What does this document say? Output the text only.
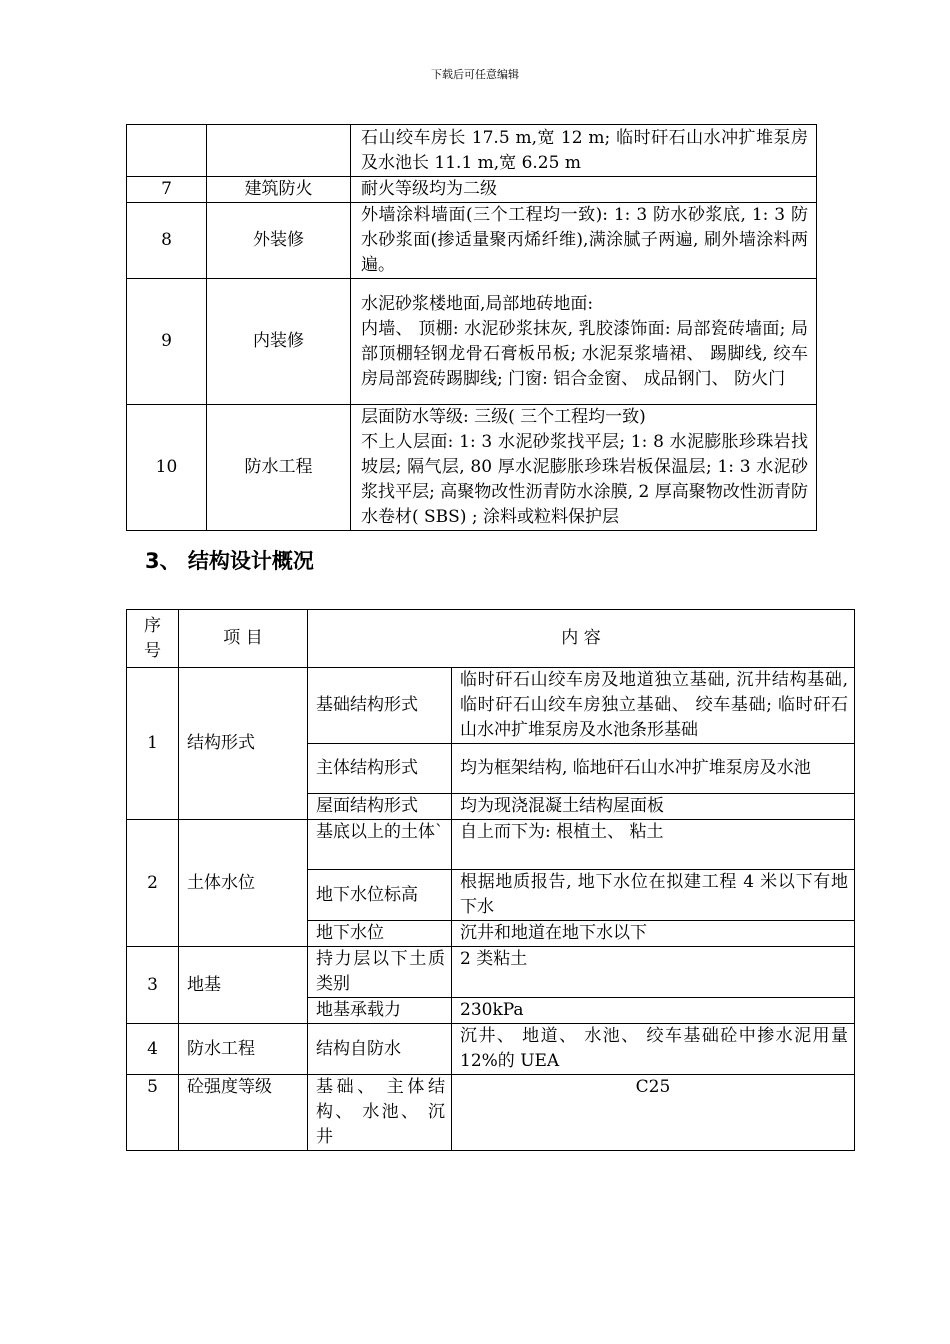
下载后可任意编辑
		石山绞车房长 17.5 m,宽 12 m; 临时矸石山水冲扩堆泵房及水池长 11.1 m,宽 6.25 m
7	建筑防火	耐火等级均为二级
8	外装修	外墙涂料墙面(三个工程均一致): 1: 3 防水砂浆底, 1: 3 防水砂浆面(掺适量聚丙烯纤维),满涂腻子两遍, 刷外墙涂料两遍。
9	内装修	水泥砂浆楼地面,局部地砖地面:
内墙、 顶棚: 水泥砂浆抹灰, 乳胶漆饰面: 局部瓷砖墙面; 局部顶棚轻钢龙骨石膏板吊板; 水泥泵浆墙裙、 踢脚线, 绞车房局部瓷砖踢脚线; 门窗: 铝合金窗、 成品钢门、 防火门

10	防水工程	层面防水等级: 三级( 三个工程均一致)
不上人层面: 1: 3 水泥砂浆找平层; 1: 8 水泥膨胀珍珠岩找坡层; 隔气层, 80 厚水泥膨胀珍珠岩板保温层; 1: 3 水泥砂浆找平层; 高聚物改性沥青防水涂膜, 2 厚高聚物改性沥青防水卷材( SBS) ; 涂料或粒料保护层
3、 结构设计概况
序号	项 目	内 容	
1	结构形式	基础结构形式	临时矸石山绞车房及地道独立基础, 沉井结构基础, 临时矸石山绞车房独立基础、 绞车基础; 临时矸石山水冲扩堆泵房及水池条形基础
		主体结构形式	均为框架结构, 临地矸石山水冲扩堆泵房及水池
		屋面结构形式	均为现浇混凝土结构屋面板
2	土体水位	基底以上的土体`	自上而下为: 根植土、 粘土
		地下水位标高	根据地质报告, 地下水位在拟建工程 4 米以下有地下水
		地下水位	沉井和地道在地下水以下
3	地基	持力层以下土质类别	2 类粘土
		地基承载力	230kPa
4	防水工程	结构自防水	沉井、 地道、 水池、 绞车基础砼中掺水泥用量 12%的 UEA
5	砼强度等级	基础、 主体结构、 水池、 沉井	C25
